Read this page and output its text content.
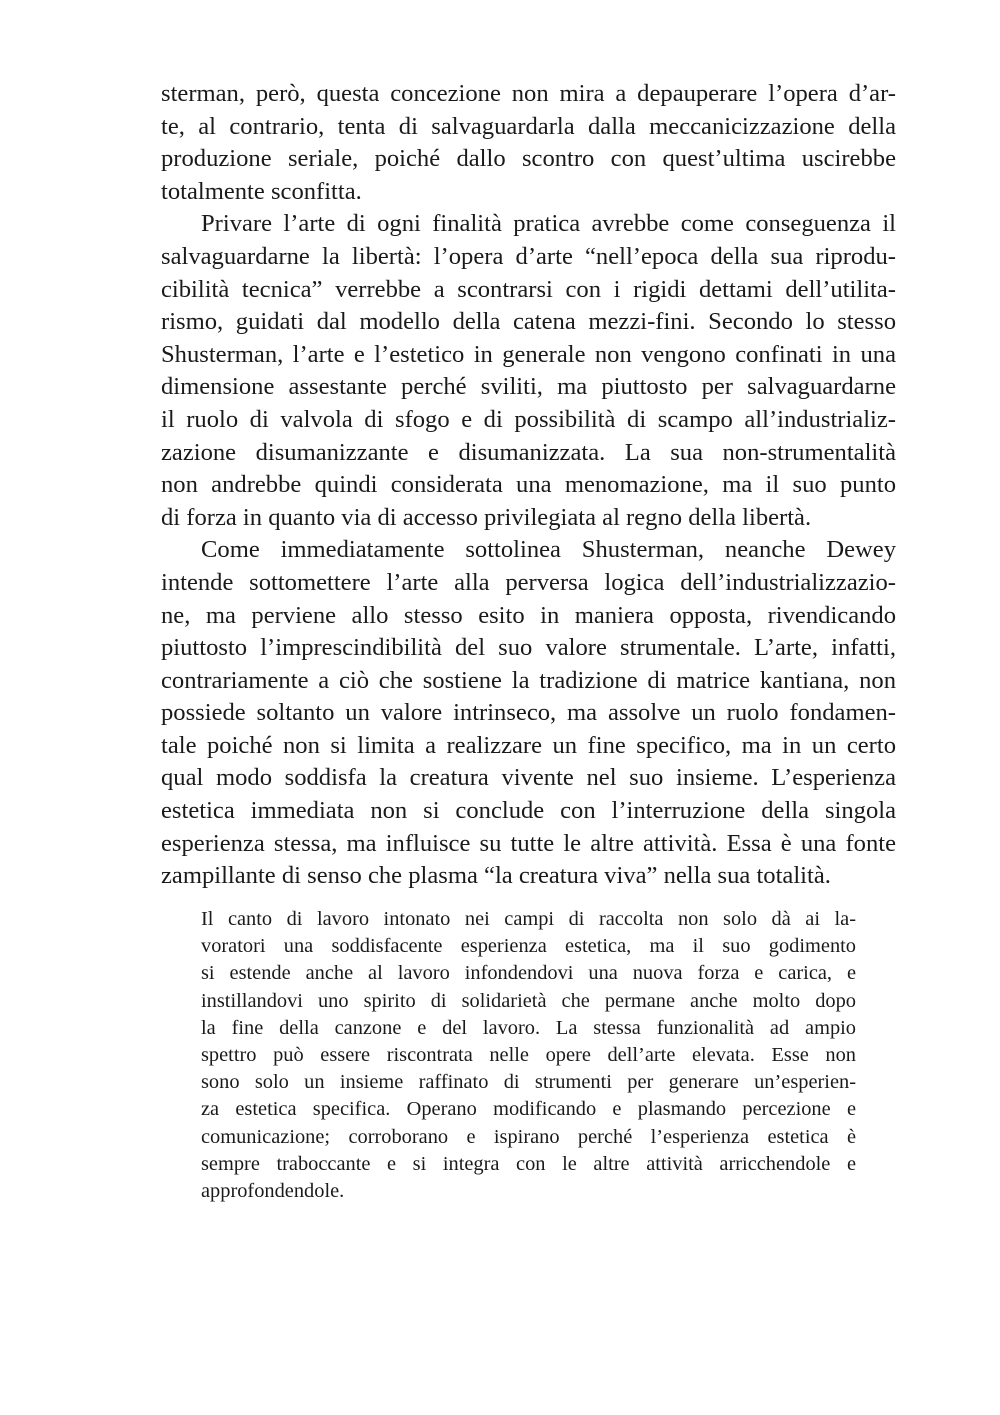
sterman, però, questa concezione non mira a depauperare l’opera d’ar-
te, al contrario, tenta di salvaguardarla dalla meccanicizzazione della
produzione seriale, poiché dallo scontro con quest’ultima uscirebbe
totalmente sconfitta.
Privare l’arte di ogni finalità pratica avrebbe come conseguenza il
salvaguardarne la libertà: l’opera d’arte “nell’epoca della sua riprodu-
cibilità tecnica” verrebbe a scontrarsi con i rigidi dettami dell’utilita-
rismo, guidati dal modello della catena mezzi-fini. Secondo lo stesso
Shusterman, l’arte e l’estetico in generale non vengono confinati in una
dimensione assestante perché sviliti, ma piuttosto per salvaguardarne
il ruolo di valvola di sfogo e di possibilità di scampo all’industrializ-
zazione disumanizzante e disumanizzata. La sua non-strumentalità
non andrebbe quindi considerata una menomazione, ma il suo punto
di forza in quanto via di accesso privilegiata al regno della libertà.
Come immediatamente sottolinea Shusterman, neanche Dewey
intende sottomettere l’arte alla perversa logica dell’industrializzazio-
ne, ma perviene allo stesso esito in maniera opposta, rivendicando
piuttosto l’imprescindibilità del suo valore strumentale. L’arte, infatti,
contrariamente a ciò che sostiene la tradizione di matrice kantiana, non
possiede soltanto un valore intrinseco, ma assolve un ruolo fondamen-
tale poiché non si limita a realizzare un fine specifico, ma in un certo
qual modo soddisfa la creatura vivente nel suo insieme. L’esperienza
estetica immediata non si conclude con l’interruzione della singola
esperienza stessa, ma influisce su tutte le altre attività. Essa è una fonte
zampillante di senso che plasma “la creatura viva” nella sua totalità.
Il canto di lavoro intonato nei campi di raccolta non solo dà ai la-
voratori una soddisfacente esperienza estetica, ma il suo godimento
si estende anche al lavoro infondendovi una nuova forza e carica, e
instillandovi uno spirito di solidarietà che permane anche molto dopo
la fine della canzone e del lavoro. La stessa funzionalità ad ampio
spettro può essere riscontrata nelle opere dell’arte elevata. Esse non
sono solo un insieme raffinato di strumenti per generare un’esperien-
za estetica specifica. Operano modificando e plasmando percezione e
comunicazione; corroborano e ispirano perché l’esperienza estetica è
sempre traboccante e si integra con le altre attività arricchendole e
approfondendole.
